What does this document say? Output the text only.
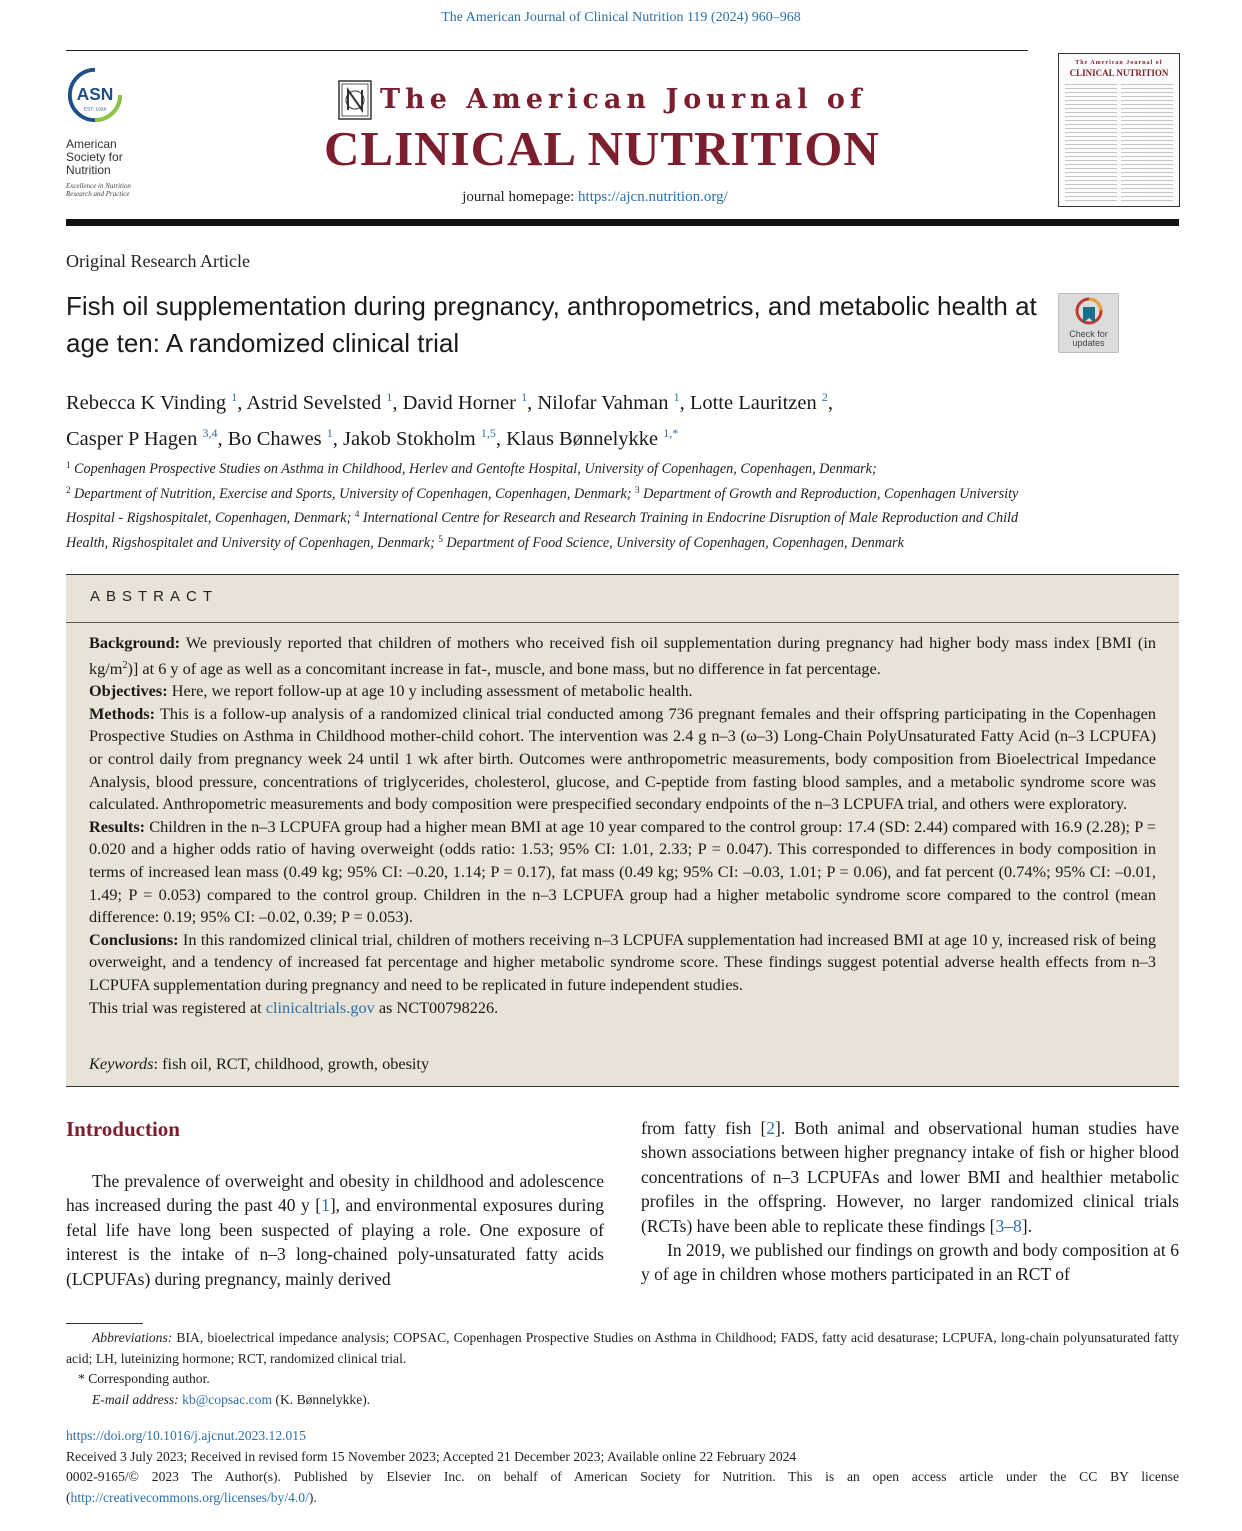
The American Journal of Clinical Nutrition 119 (2024) 960–968
ASN
EST. 1928
American Society for Nutrition
Excellence in Nutrition Research and Practice
The American Journal of
CLINICAL NUTRITION
journal homepage: https://ajcn.nutrition.org/
The American Journal of
CLINICAL NUTRITION
Original Research Article
Fish oil supplementation during pregnancy, anthropometrics, and metabolic health at age ten: A randomized clinical trial	Check for
updates
Rebecca K Vinding $^1$, Astrid Sevelsted $^1$, David Horner $^1$, Nilofar Vahman $^1$, Lotte Lauritzen $^2$,
Casper P Hagen $^{3,4}$, Bo Chawes $^1$, Jakob Stokholm $^{1,5}$, Klaus Bønnelykke $^{1,*}$
$^1$ Copenhagen Prospective Studies on Asthma in Childhood, Herlev and Gentofte Hospital, University of Copenhagen, Copenhagen, Denmark;
$^2$ Department of Nutrition, Exercise and Sports, University of Copenhagen, Copenhagen, Denmark; $^3$ Department of Growth and Reproduction, Copenhagen University Hospital - Rigshospitalet, Copenhagen, Denmark; $^4$ International Centre for Research and Research Training in Endocrine Disruption of Male Reproduction and Child Health, Rigshospitalet and University of Copenhagen, Denmark; $^5$ Department of Food Science, University of Copenhagen, Copenhagen, Denmark
ABSTRACT

Background: We previously reported that children of mothers who received fish oil supplementation during pregnancy had higher body mass index [BMI (in $kg/m^2$)] at 6 y of age as well as a concomitant increase in fat-, muscle, and bone mass, but no difference in fat percentage.

Objectives: Here, we report follow-up at age 10 y including assessment of metabolic health.

Methods: This is a follow-up analysis of a randomized clinical trial conducted among 736 pregnant females and their offspring participating in the Copenhagen Prospective Studies on Asthma in Childhood mother-child cohort. The intervention was 2.4 g n–3 (ω–3) Long-Chain PolyUnsaturated Fatty Acid (n–3 LCPUFA) or control daily from pregnancy week 24 until 1 wk after birth. Outcomes were anthropometric measurements, body composition from Bioelectrical Impedance Analysis, blood pressure, concentrations of triglycerides, cholesterol, glucose, and C-peptide from fasting blood samples, and a metabolic syndrome score was calculated. Anthropometric measurements and body composition were prespecified secondary endpoints of the n–3 LCPUFA trial, and others were exploratory.

Results: Children in the n–3 LCPUFA group had a higher mean BMI at age 10 year compared to the control group: 17.4 (SD: 2.44) compared with 16.9 (2.28); P = 0.020 and a higher odds ratio of having overweight (odds ratio: 1.53; 95% CI: 1.01, 2.33; P = 0.047). This corresponded to differences in body composition in terms of increased lean mass (0.49 kg; 95% CI: –0.20, 1.14; P = 0.17), fat mass (0.49 kg; 95% CI: –0.03, 1.01; P = 0.06), and fat percent (0.74%; 95% CI: –0.01, 1.49; P = 0.053) compared to the control group. Children in the n–3 LCPUFA group had a higher metabolic syndrome score compared to the control (mean difference: 0.19; 95% CI: –0.02, 0.39; P = 0.053).

Conclusions: In this randomized clinical trial, children of mothers receiving n–3 LCPUFA supplementation had increased BMI at age 10 y, increased risk of being overweight, and a tendency of increased fat percentage and higher metabolic syndrome score. These findings suggest potential adverse health effects from n–3 LCPUFA supplementation during pregnancy and need to be replicated in future independent studies.

This trial was registered at clinicaltrials.gov as NCT00798226.

Keywords: fish oil, RCT, childhood, growth, obesity
Introduction

The prevalence of overweight and obesity in childhood and adolescence has increased during the past 40 y [1], and environmental exposures during fetal life have long been suspected of playing a role. One exposure of interest is the intake of n–3 long-chained poly-unsaturated fatty acids (LCPUFAs) during pregnancy, mainly derived

from fatty fish [2]. Both animal and observational human studies have shown associations between higher pregnancy intake of fish or higher blood concentrations of n–3 LCPUFAs and lower BMI and healthier metabolic profiles in the offspring. However, no larger randomized clinical trials (RCTs) have been able to replicate these findings [3–8].

In 2019, we published our findings on growth and body composition at 6 y of age in children whose mothers participated in an RCT of

Abbreviations: BIA, bioelectrical impedance analysis; COPSAC, Copenhagen Prospective Studies on Asthma in Childhood; FADS, fatty acid desaturase; LCPUFA, long-chain polyunsaturated fatty acid; LH, luteinizing hormone; RCT, randomized clinical trial.
* Corresponding author.
E-mail address: kb@copsac.com (K. Bønnelykke).
https://doi.org/10.1016/j.ajcnut.2023.12.015
Received 3 July 2023; Received in revised form 15 November 2023; Accepted 21 December 2023; Available online 22 February 2024
0002-9165/© 2023 The Author(s). Published by Elsevier Inc. on behalf of American Society for Nutrition. This is an open access article under the CC BY license (http://creativecommons.org/licenses/by/4.0/).
